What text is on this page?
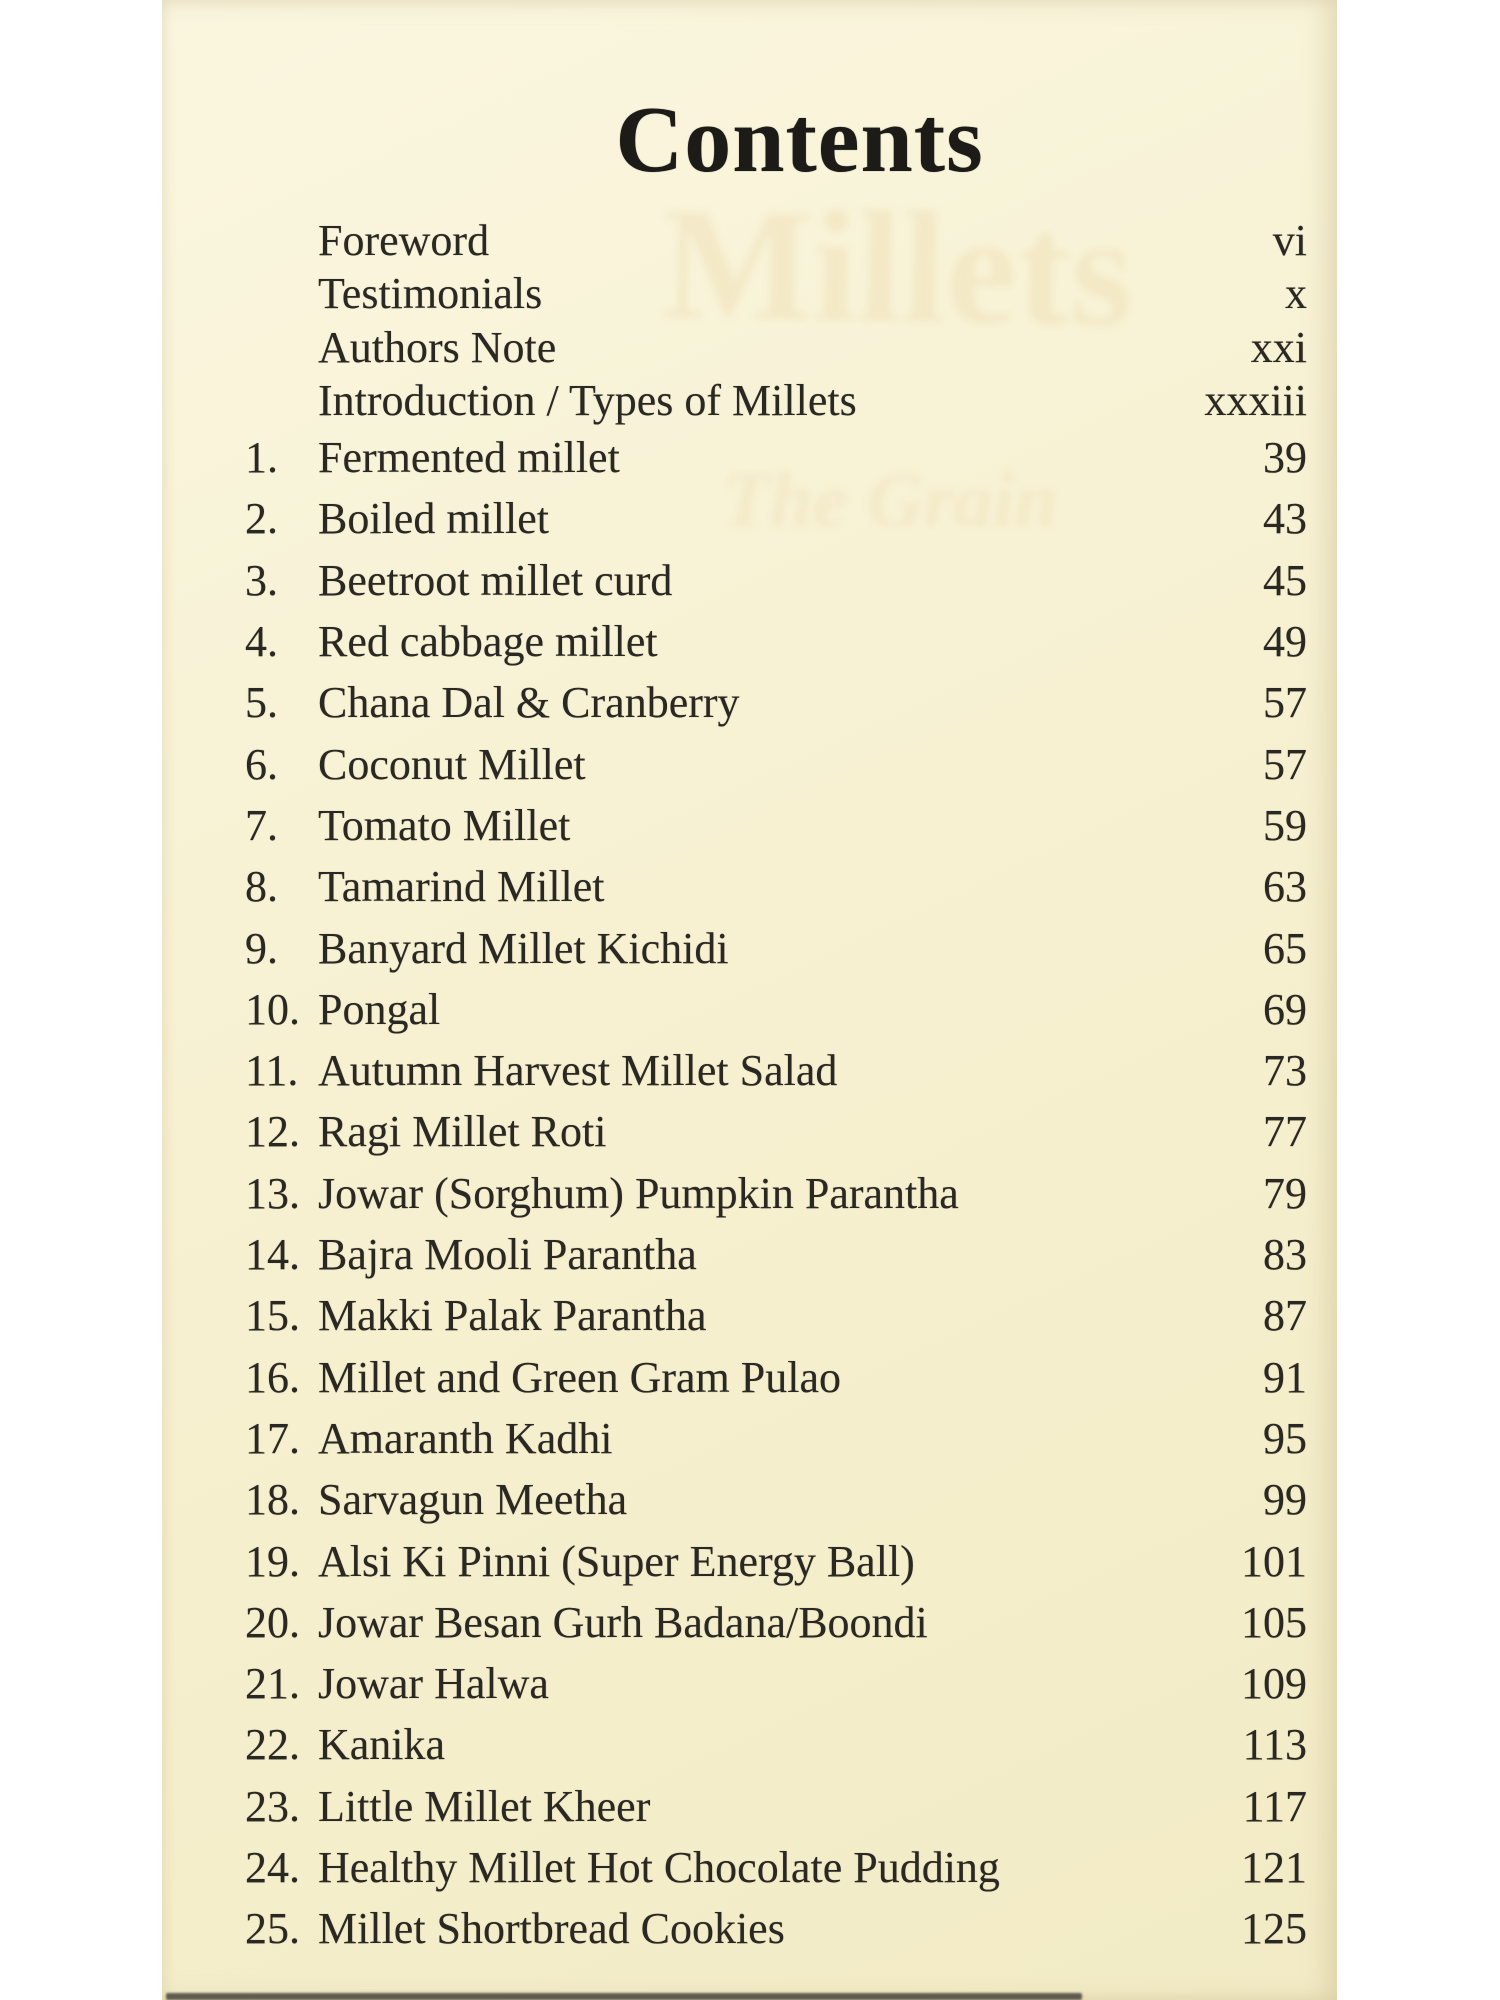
Millets
The Grain
Contents
Foreword	vi
Testimonials	x
Authors Note	xxi
Introduction / Types of Millets	xxxiii
1. Fermented millet	39
2. Boiled millet	43
3. Beetroot millet curd	45
4. Red cabbage millet	49
5. Chana Dal & Cranberry	57
6. Coconut Millet	57
7. Tomato Millet	59
8. Tamarind Millet	63
9. Banyard Millet Kichidi	65
10. Pongal	69
11. Autumn Harvest Millet Salad	73
12. Ragi Millet Roti	77
13. Jowar (Sorghum) Pumpkin Parantha	79
14. Bajra Mooli Parantha	83
15. Makki Palak Parantha	87
16. Millet and Green Gram Pulao	91
17. Amaranth Kadhi	95
18. Sarvagun Meetha	99
19. Alsi Ki Pinni (Super Energy Ball)	101
20. Jowar Besan Gurh Badana/Boondi	105
21. Jowar Halwa	109
22. Kanika	113
23. Little Millet Kheer	117
24. Healthy Millet Hot Chocolate Pudding	121
25. Millet Shortbread Cookies	125
